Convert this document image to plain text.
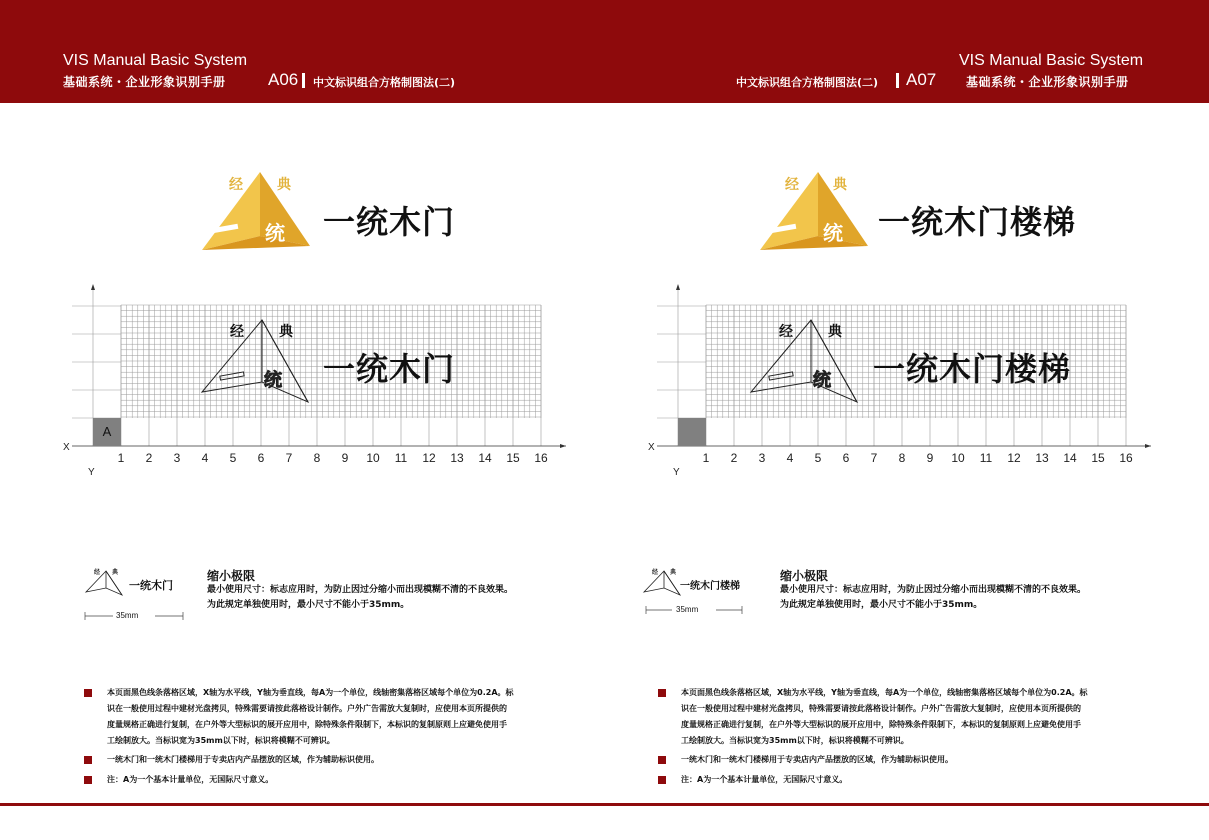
VIS Manual Basic System
基础系统・企业形象识别手册 A06 中文标识组合方格制图法(二)	中文标识组合方格制图法(二) A07
VIS Manual Basic System
基础系统・企业形象识别手册
经 典
统 一统木门
A
经	典
统 一统木门
X
Y
1	2	3	4	5	6	7	8	9	10	11	12	13	14	15	16
经 典
一统木门
35mm
缩小极限
最小使用尺寸：标志应用时，为防止因过分缩小而出现模糊不清的不良效果。
为此规定单独使用时，最小尺寸不能小于35mm。
本页面黑色线条落格区域，X轴为水平线，Y轴为垂直线，每A为一个单位，线轴密集落格区域每个单位为0.2A。标
识在一般使用过程中建材光盘拷贝，特殊需要请按此落格设计制作。户外广告需放大复制时，应使用本页所提供的
度量规格正确进行复制，在户外等大型标识的展开应用中，除特殊条件限制下，本标识的复制原则上应避免使用手
工绘制放大。当标识宽为35mm以下时，标识将模糊不可辨识。
一统木门和一统木门楼梯用于专卖店内产品摆放的区域，作为辅助标识使用。
注：A为一个基本计量单位，无国际尺寸意义。
经 典
统 一统木门楼梯
经	典
统 一统木门楼梯
X
Y
1	2	3	4	5	6	7	8	9	10	11	12	13	14	15	16
经 典
一统木门楼梯
35mm
缩小极限
最小使用尺寸：标志应用时，为防止因过分缩小而出现模糊不清的不良效果。
为此规定单独使用时，最小尺寸不能小于35mm。
本页面黑色线条落格区域，X轴为水平线，Y轴为垂直线，每A为一个单位，线轴密集落格区域每个单位为0.2A。标
识在一般使用过程中建材光盘拷贝，特殊需要请按此落格设计制作。户外广告需放大复制时，应使用本页所提供的
度量规格正确进行复制，在户外等大型标识的展开应用中，除特殊条件限制下，本标识的复制原则上应避免使用手
工绘制放大。当标识宽为35mm以下时，标识将模糊不可辨识。
一统木门和一统木门楼梯用于专卖店内产品摆放的区域，作为辅助标识使用。
注：A为一个基本计量单位，无国际尺寸意义。
